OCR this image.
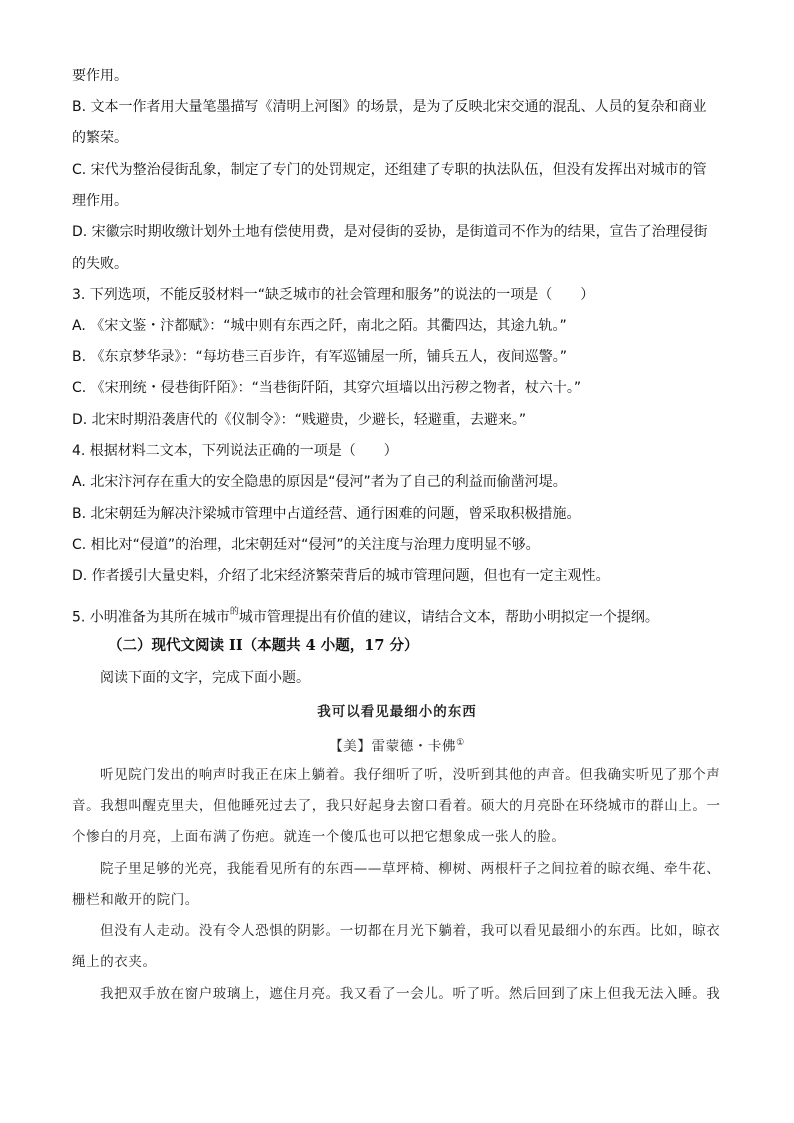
要作用。
B. 文本一作者用大量笔墨描写《清明上河图》的场景，是为了反映北宋交通的混乱、人员的复杂和商业
的繁荣。
C. 宋代为整治侵街乱象，制定了专门的处罚规定，还组建了专职的执法队伍，但没有发挥出对城市的管
理作用。
D. 宋徽宗时期收缴计划外土地有偿使用费，是对侵街的妥协，是街道司不作为的结果，宣告了治理侵街
的失败。
3. 下列选项，不能反驳材料一“缺乏城市的社会管理和服务”的说法的一项是（　　）
A. 《宋文鉴・汴都赋》：“城中则有东西之阡，南北之陌。其衢四达，其途九轨。”
B. 《东京梦华录》：“每坊巷三百步许，有军巡铺屋一所，铺兵五人，夜间巡警。”
C. 《宋刑统・侵巷街阡陌》：“当巷街阡陌，其穿穴垣墙以出污秽之物者，杖六十。”
D. 北宋时期沿袭唐代的《仪制令》：“贱避贵，少避长，轻避重，去避来。”
4. 根据材料二文本，下列说法正确的一项是（　　）
A. 北宋汴河存在重大的安全隐患的原因是“侵河”者为了自己的利益而偷凿河堤。
B. 北宋朝廷为解决汴梁城市管理中占道经营、通行困难的问题，曾采取积极措施。
C. 相比对“侵道”的治理，北宋朝廷对“侵河”的关注度与治理力度明显不够。
D. 作者援引大量史料，介绍了北宋经济繁荣背后的城市管理问题，但也有一定主观性。
5. 小明准备为其所在城市$^的$城市管理提出有价值的建议，请结合文本，帮助小明拟定一个提纲。
（二）现代文阅读 II（本题共 4 小题，17 分）
阅读下面的文字，完成下面小题。
我可以看见最细小的东西
【美】雷蒙德・卡佛①
听见院门发出的响声时我正在床上躺着。我仔细听了听，没听到其他的声音。但我确实听见了那个声
音。我想叫醒克里夫，但他睡死过去了，我只好起身去窗口看着。硕大的月亮卧在环绕城市的群山上。一
个惨白的月亮，上面布满了伤疤。就连一个傻瓜也可以把它想象成一张人的脸。
院子里足够的光亮，我能看见所有的东西——草坪椅、柳树、两根杆子之间拉着的晾衣绳、牵牛花、
栅栏和敞开的院门。
但没有人走动。没有令人恐惧的阴影。一切都在月光下躺着，我可以看见最细小的东西。比如，晾衣
绳上的衣夹。
我把双手放在窗户玻璃上，遮住月亮。我又看了一会儿。听了听。然后回到了床上但我无法入睡。我
